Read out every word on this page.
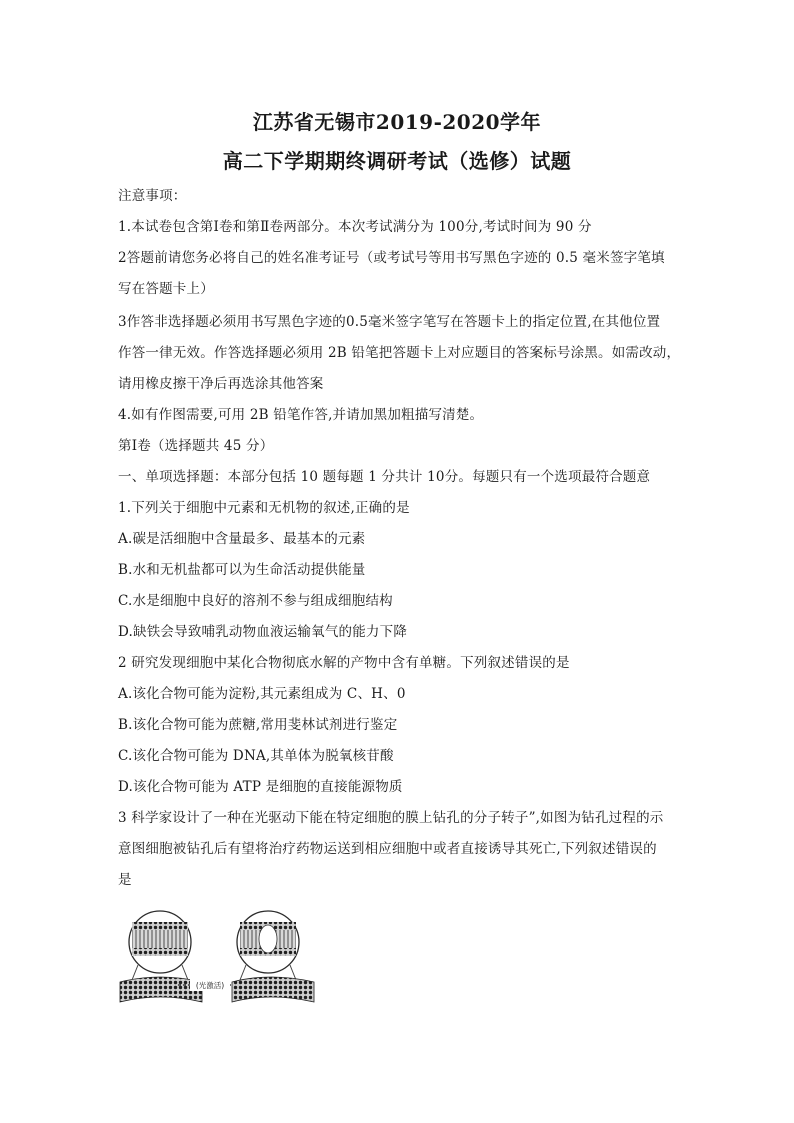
江苏省无锡市2019-2020学年
高二下学期期终调研考试（选修）试题
注意事项：
1.本试卷包含第Ⅰ卷和第Ⅱ卷两部分。本次考试满分为 100分,考试时间为 90 分
2答题前请您务必将自己的姓名准考证号（或考试号等用书写黑色字迹的 0.5 毫米签字笔填
写在答题卡上）
3作答非选择题必须用书写黑色字迹的0.5毫米签字笔写在答题卡上的指定位置,在其他位置
作答一律无效。作答选择题必须用 2B 铅笔把答题卡上对应题目的答案标号涂黑。如需改动，
请用橡皮擦干净后再选涂其他答案
4.如有作图需要,可用 2B 铅笔作答,并请加黑加粗描写清楚。
第Ⅰ卷（选择题共 45 分）
一、单项选择题：本部分包括 10 题每题 1 分共计 10分。每题只有一个选项最符合题意
1.下列关于细胞中元素和无机物的叙述,正确的是
A.碳是活细胞中含量最多、最基本的元素
B.水和无机盐都可以为生命活动提供能量
C.水是细胞中良好的溶剂不参与组成细胞结构
D.缺铁会导致哺乳动物血液运输氧气的能力下降
2 研究发现细胞中某化合物彻底水解的产物中含有单糖。下列叙述错误的是
A.该化合物可能为淀粉,其元素组成为 C、H、0
B.该化合物可能为蔗糖,常用斐林试剂进行鉴定
C.该化合物可能为 DNA,其单体为脱氧核苷酸
D.该化合物可能为 ATP 是细胞的直接能源物质
3 科学家设计了一种在光驱动下能在特定细胞的膜上钻孔的分子转子”,如图为钻孔过程的示
意图细胞被钻孔后有望将治疗药物运送到相应细胞中或者直接诱导其死亡,下列叙述错误的
是
(光激活)
